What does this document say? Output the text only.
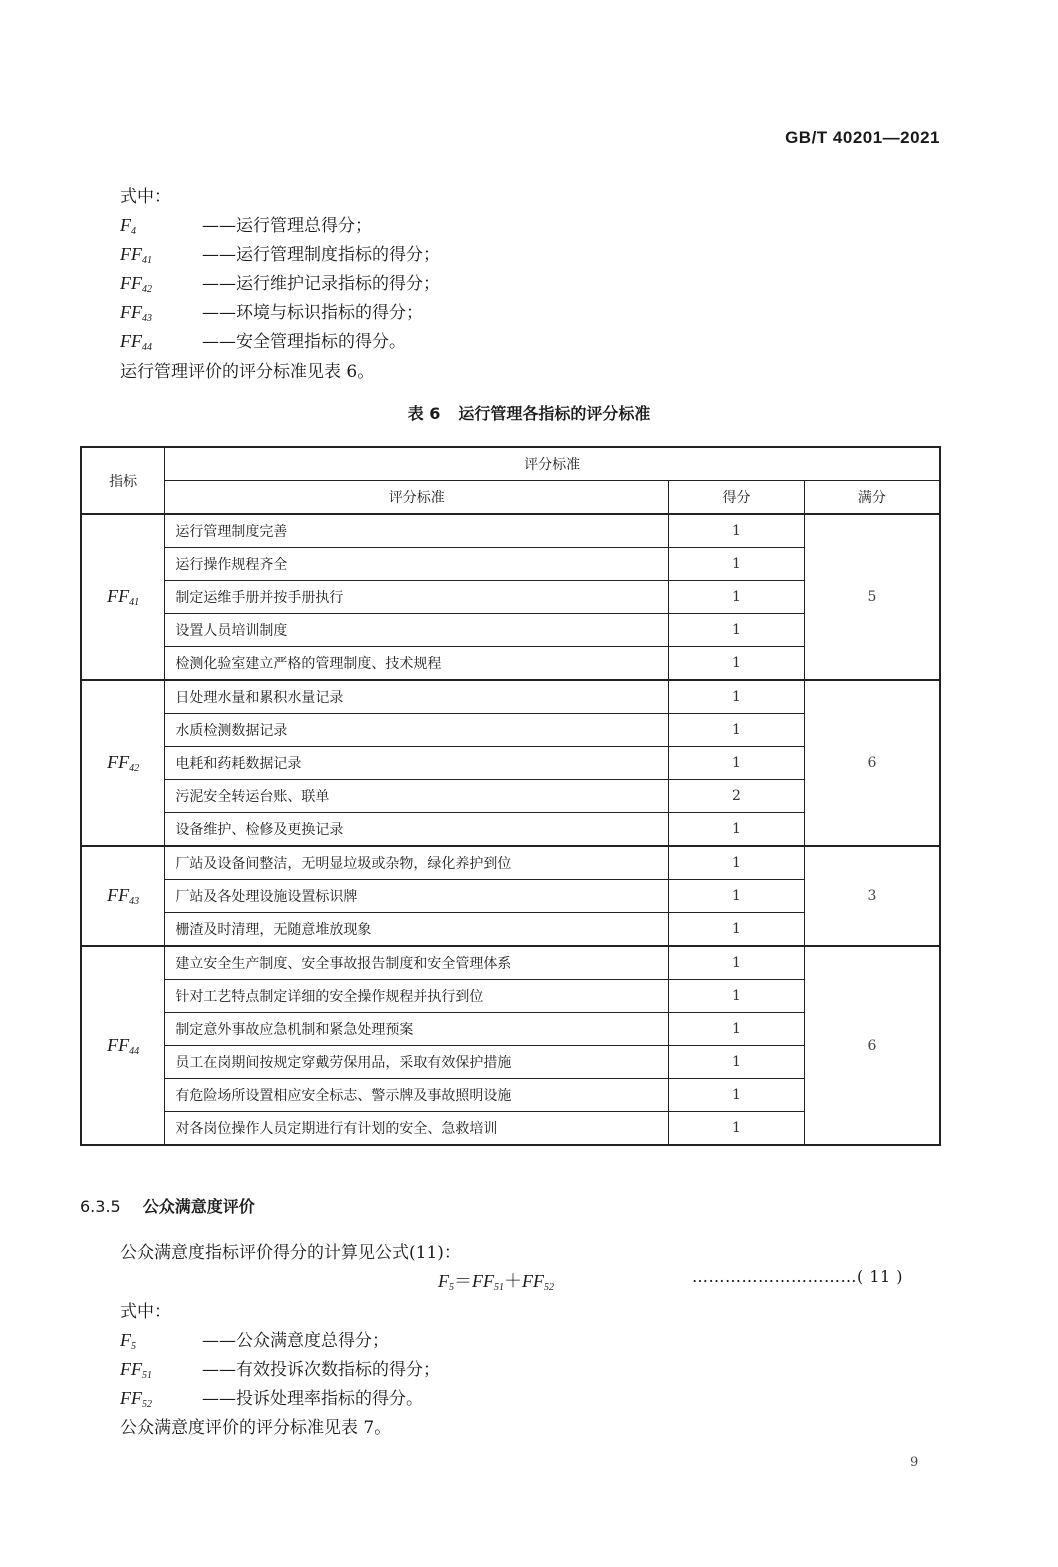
GB/T 40201—2021
式中：
$F_4$	——运行管理总得分；
$FF_{41}$	——运行管理制度指标的得分；
$FF_{42}$	——运行维护记录指标的得分；
$FF_{43}$	——环境与标识指标的得分；
$FF_{44}$	——安全管理指标的得分。
运行管理评价的评分标准见表 6。
表 6 运行管理各指标的评分标准
指标	评分标准		
	评分标准	得分	满分
$FF_{41}$	运行管理制度完善	1	5
	运行操作规程齐全	1	
	制定运维手册并按手册执行	1	
	设置人员培训制度	1	
	检测化验室建立严格的管理制度、技术规程	1	
$FF_{42}$	日处理水量和累积水量记录	1	6
	水质检测数据记录	1	
	电耗和药耗数据记录	1	
	污泥安全转运台账、联单	2	
	设备维护、检修及更换记录	1	
$FF_{43}$	厂站及设备间整洁，无明显垃圾或杂物，绿化养护到位	1	3
	厂站及各处理设施设置标识牌	1	
	栅渣及时清理，无随意堆放现象	1	
$FF_{44}$	建立安全生产制度、安全事故报告制度和安全管理体系	1	6
	针对工艺特点制定详细的安全操作规程并执行到位	1	
	制定意外事故应急机制和紧急处理预案	1	
	员工在岗期间按规定穿戴劳保用品，采取有效保护措施	1	
	有危险场所设置相应安全标志、警示牌及事故照明设施	1	
	对各岗位操作人员定期进行有计划的安全、急救培训	1	
6.3.5 公众满意度评价
公众满意度指标评价得分的计算见公式(11)：
$F_5=FF_{51}+FF_{52}$
…………………………( 11 )
式中：
$F_5$	——公众满意度总得分；
$FF_{51}$	——有效投诉次数指标的得分；
$FF_{52}$	——投诉处理率指标的得分。
公众满意度评价的评分标准见表 7。
9
